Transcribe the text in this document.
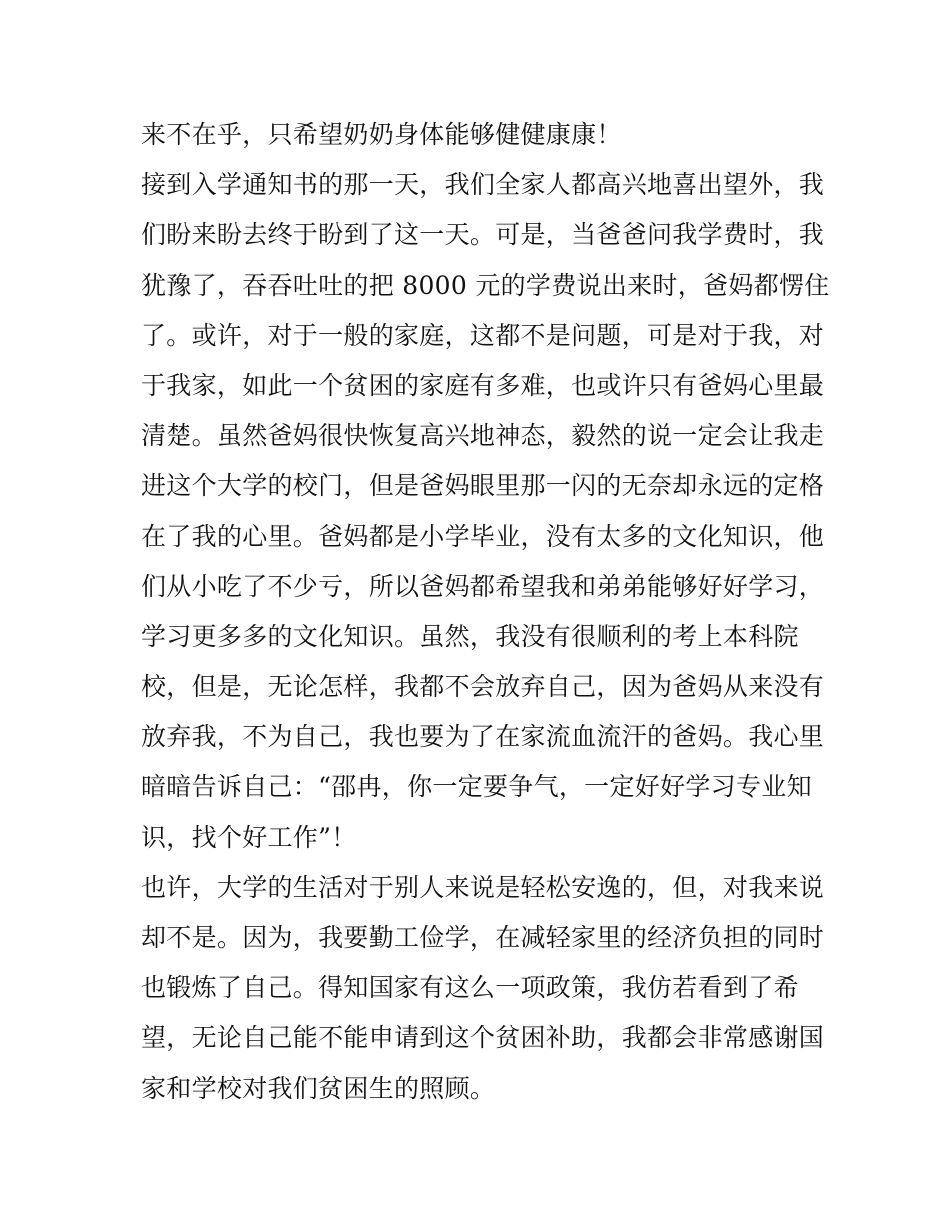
来不在乎，只希望奶奶身体能够健健康康！

接到入学通知书的那一天，我们全家人都高兴地喜出望外，我

们盼来盼去终于盼到了这一天。可是，当爸爸问我学费时，我

犹豫了，吞吞吐吐的把 8000 元的学费说出来时，爸妈都愣住

了。或许，对于一般的家庭，这都不是问题，可是对于我，对

于我家，如此一个贫困的家庭有多难，也或许只有爸妈心里最

清楚。虽然爸妈很快恢复高兴地神态，毅然的说一定会让我走

进这个大学的校门，但是爸妈眼里那一闪的无奈却永远的定格

在了我的心里。爸妈都是小学毕业，没有太多的文化知识，他

们从小吃了不少亏，所以爸妈都希望我和弟弟能够好好学习，

学习更多多的文化知识。虽然，我没有很顺利的考上本科院

校，但是，无论怎样，我都不会放弃自己，因为爸妈从来没有

放弃我，不为自己，我也要为了在家流血流汗的爸妈。我心里

暗暗告诉自己：“邵冉，你一定要争气，一定好好学习专业知

识，找个好工作”！

也许，大学的生活对于别人来说是轻松安逸的，但，对我来说

却不是。因为，我要勤工俭学，在减轻家里的经济负担的同时

也锻炼了自己。得知国家有这么一项政策，我仿若看到了希

望，无论自己能不能申请到这个贫困补助，我都会非常感谢国

家和学校对我们贫困生的照顾。
